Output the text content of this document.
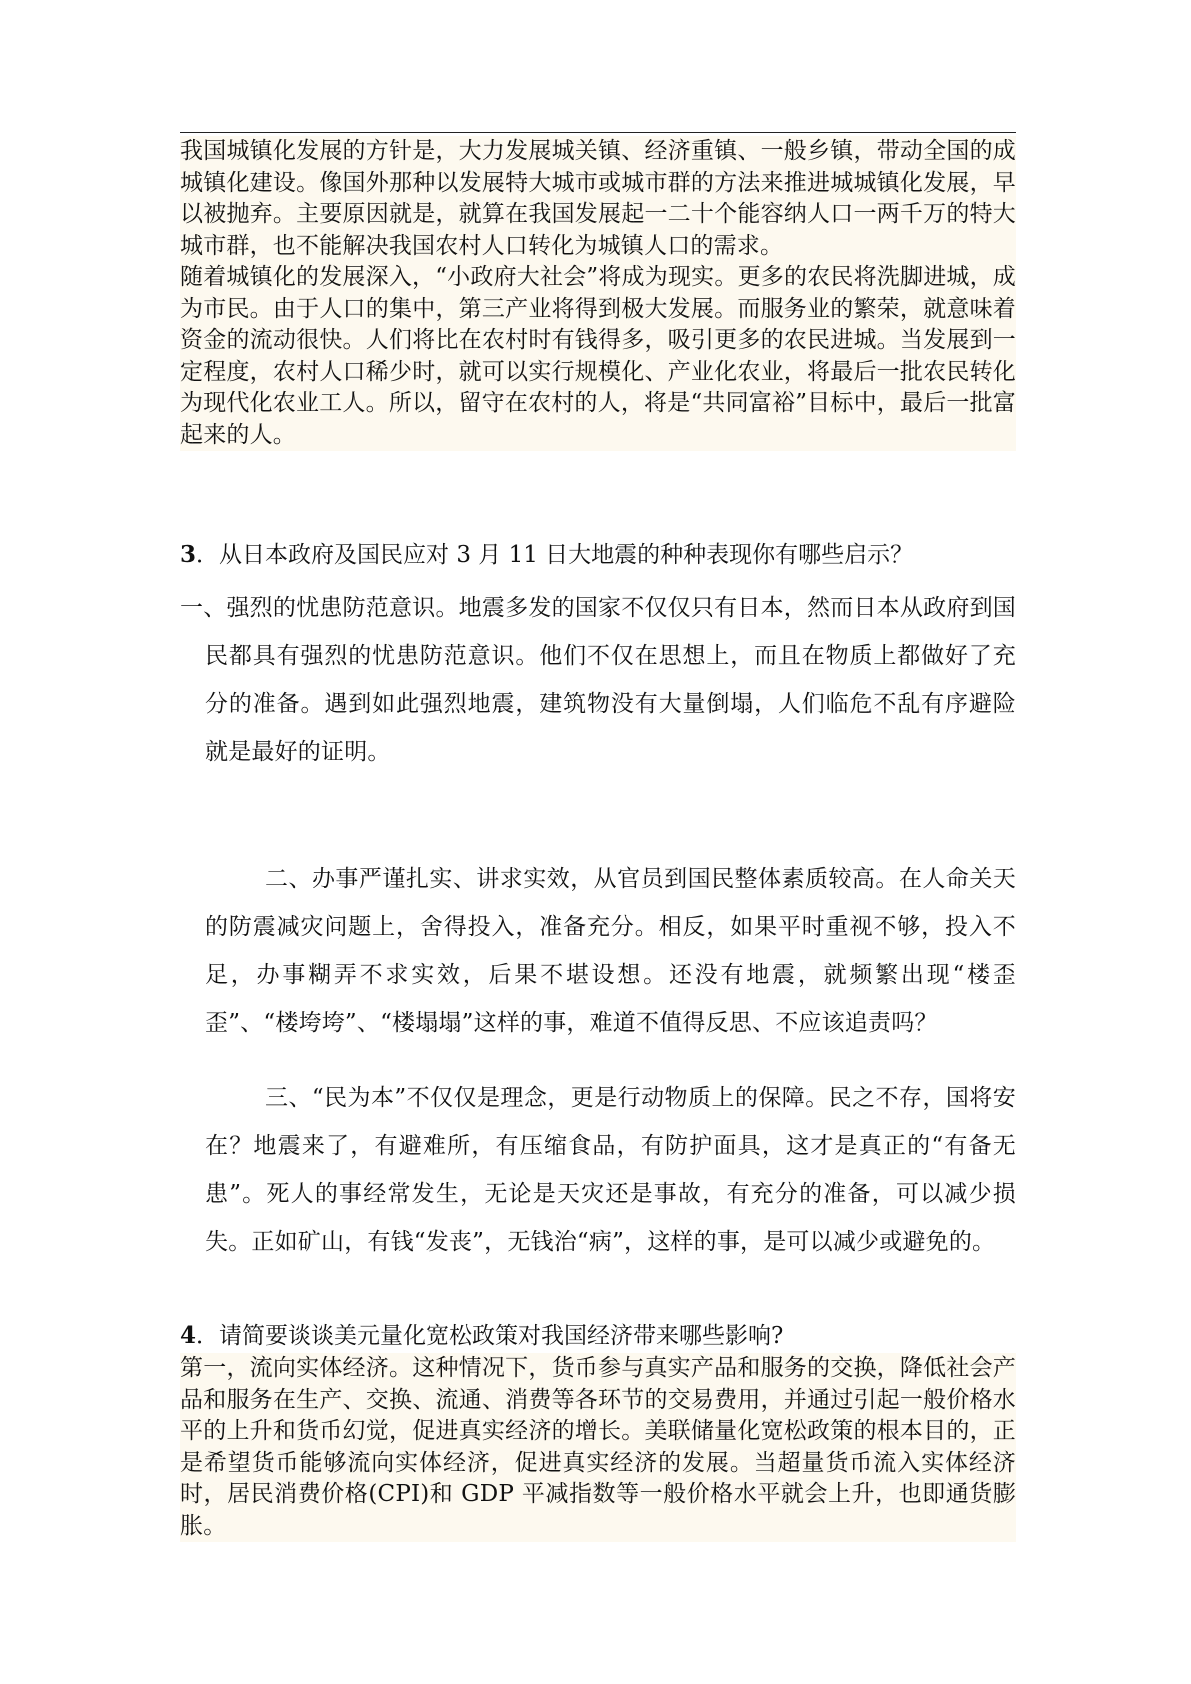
我国城镇化发展的方针是，大力发展城关镇、经济重镇、一般乡镇，带动全国的成城镇化建设。像国外那种以发展特大城市或城市群的方法来推进城城镇化发展，早以被抛弃。主要原因就是，就算在我国发展起一二十个能容纳人口一两千万的特大城市群，也不能解决我国农村人口转化为城镇人口的需求。

随着城镇化的发展深入，“小政府大社会”将成为现实。更多的农民将洗脚进城，成为市民。由于人口的集中，第三产业将得到极大发展。而服务业的繁荣，就意味着资金的流动很快。人们将比在农村时有钱得多，吸引更多的农民进城。当发展到一定程度，农村人口稀少时，就可以实行规模化、产业化农业，将最后一批农民转化为现代化农业工人。所以，留守在农村的人，将是“共同富裕”目标中，最后一批富起来的人。

3．从日本政府及国民应对 3 月 11 日大地震的种种表现你有哪些启示？

一、强烈的忧患防范意识。地震多发的国家不仅仅只有日本，然而日本从政府到国民都具有强烈的忧患防范意识。他们不仅在思想上，而且在物质上都做好了充分的准备。遇到如此强烈地震，建筑物没有大量倒塌，人们临危不乱有序避险就是最好的证明。

二、办事严谨扎实、讲求实效，从官员到国民整体素质较高。在人命关天的防震减灾问题上，舍得投入，准备充分。相反，如果平时重视不够，投入不足，办事糊弄不求实效，后果不堪设想。还没有地震，就频繁出现“楼歪歪”、“楼垮垮”、“楼塌塌”这样的事，难道不值得反思、不应该追责吗？

三、“民为本”不仅仅是理念，更是行动物质上的保障。民之不存，国将安在？地震来了，有避难所，有压缩食品，有防护面具，这才是真正的“有备无患”。死人的事经常发生，无论是天灾还是事故，有充分的准备，可以减少损失。正如矿山，有钱“发丧”，无钱治“病”，这样的事，是可以减少或避免的。

4．请简要谈谈美元量化宽松政策对我国经济带来哪些影响?

第一，流向实体经济。这种情况下，货币参与真实产品和服务的交换，降低社会产品和服务在生产、交换、流通、消费等各环节的交易费用，并通过引起一般价格水平的上升和货币幻觉，促进真实经济的增长。美联储量化宽松政策的根本目的，正是希望货币能够流向实体经济，促进真实经济的发展。当超量货币流入实体经济时，居民消费价格(CPI)和 GDP 平减指数等一般价格水平就会上升，也即通货膨胀。
